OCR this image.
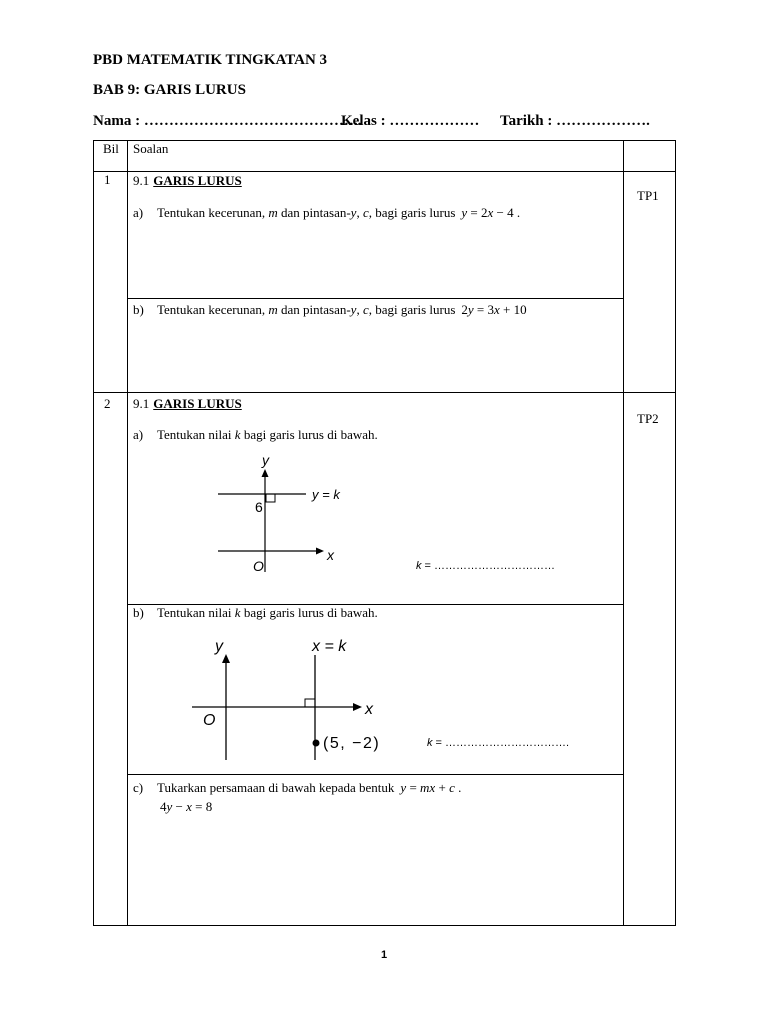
PBD MATEMATIK TINGKATAN 3
BAB 9: GARIS LURUS
Nama : ……………………………………..
Kelas : ……………… Tarikh : ……………….
Bil Soalan
1 9.1 GARIS LURUS
TP1
a) Tentukan kecerunan, m dan pintasan-y, c, bagi garis lurus y = 2x − 4 .
b) Tentukan kecerunan, m dan pintasan-y, c, bagi garis lurus 2y = 3x + 10
2 9.1 GARIS LURUS
TP2
a) Tentukan nilai k bagi garis lurus di bawah.
y
y = k
6
x
O	k = ……………………………
b) Tentukan nilai k bagi garis lurus di bawah.
y	x = k
x
O
(5, −2)	k = …………………………….
c) Tukarkan persamaan di bawah kepada bentuk y = mx + c .
4y − x = 8
1
